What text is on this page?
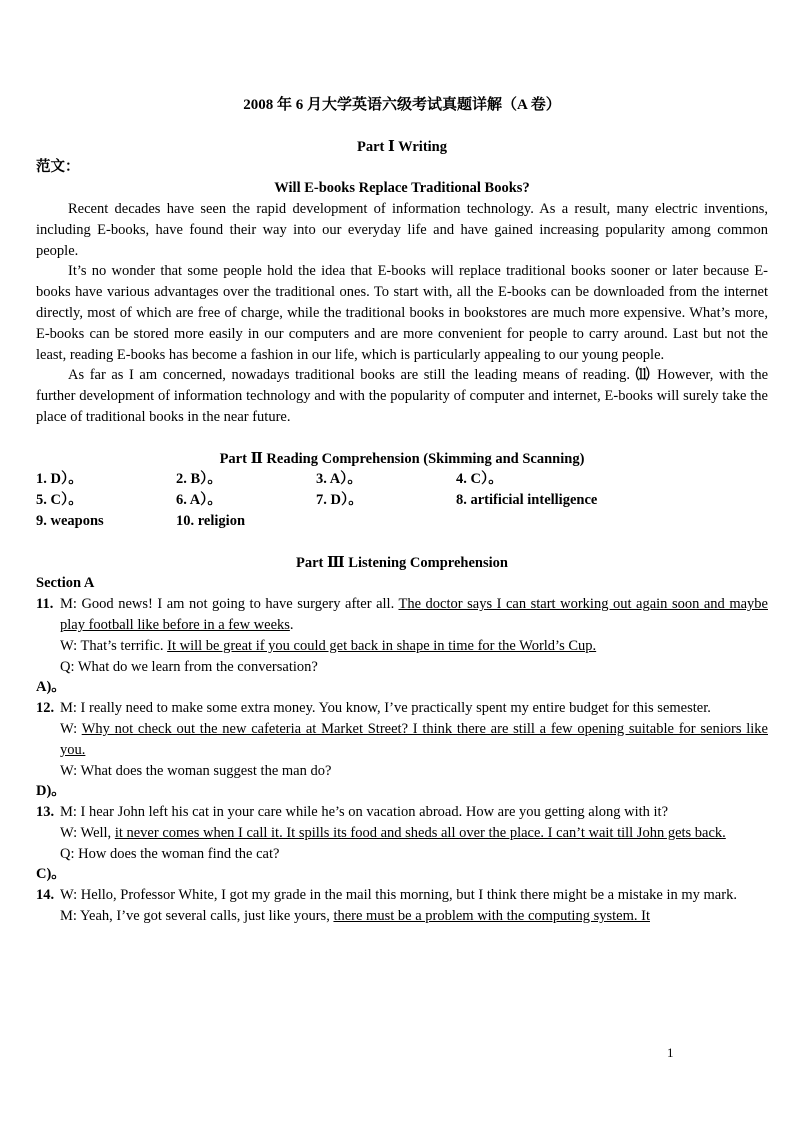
2008 年 6 月大学英语六级考试真题详解（A 卷）
Part Ⅰ Writing
范文：
Will E-books Replace Traditional Books?
Recent decades have seen the rapid development of information technology. As a result, many electric inventions, including E-books, have found their way into our everyday life and have gained increasing popularity among common people.
It’s no wonder that some people hold the idea that E-books will replace traditional books sooner or later because E-books have various advantages over the traditional ones. To start with, all the E-books can be downloaded from the internet directly, most of which are free of charge, while the traditional books in bookstores are much more expensive. What’s more, E-books can be stored more easily in our computers and are more convenient for people to carry around. Last but not the least, reading E-books has become a fashion in our life, which is particularly appealing to our young people.
As far as I am concerned, nowadays traditional books are still the leading means of reading. ⑾ However, with the further development of information technology and with the popularity of computer and internet, E-books will surely take the place of traditional books in the near future.
Part Ⅱ Reading Comprehension (Skimming and Scanning)
1. D）。	2. B）。	3. A）。	4. C）。
5. C）。	6. A）。	7. D）。	8. artificial intelligence
9. weapons	10. religion
Part Ⅲ Listening Comprehension
Section A
11. M: Good news! I am not going to have surgery after all. The doctor says I can start working out again soon and maybe play football like before in a few weeks.
W: That’s terrific. It will be great if you could get back in shape in time for the World’s Cup.
Q: What do we learn from the conversation?
A)。
12. M: I really need to make some extra money. You know, I’ve practically spent my entire budget for this semester.
W: Why not check out the new cafeteria at Market Street? I think there are still a few opening suitable for seniors like you.
W: What does the woman suggest the man do?
D)。
13. M: I hear John left his cat in your care while he’s on vacation abroad. How are you getting along with it?
W: Well, it never comes when I call it. It spills its food and sheds all over the place. I can’t wait till John gets back.
Q: How does the woman find the cat?
C)。
14. W: Hello, Professor White, I got my grade in the mail this morning, but I think there might be a mistake in my mark.
M: Yeah, I’ve got several calls, just like yours, there must be a problem with the computing system. It
1
